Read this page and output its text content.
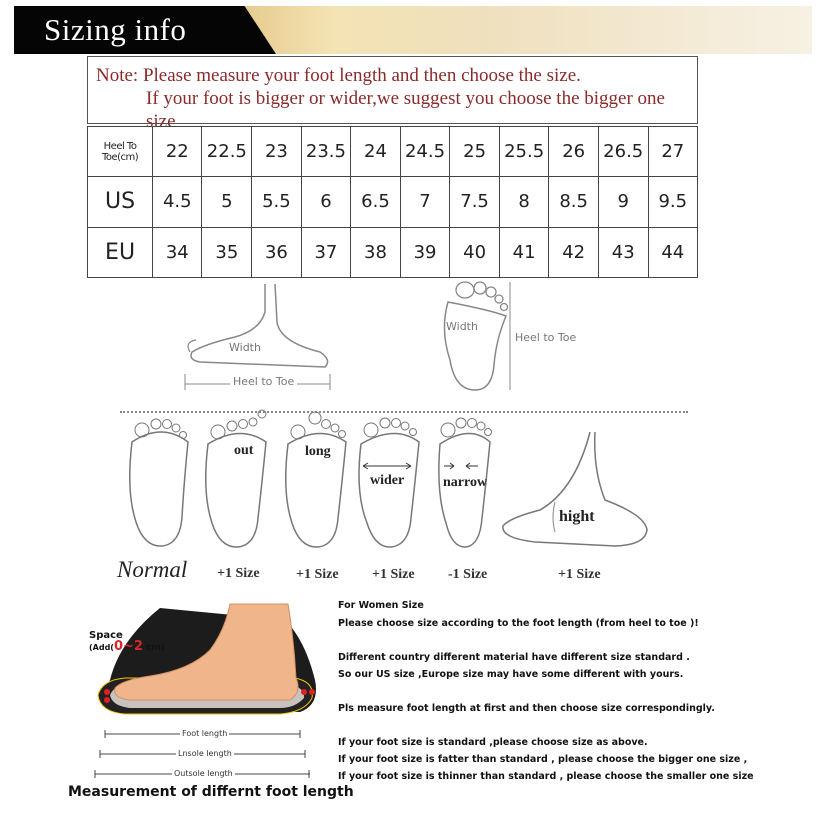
Sizing info
Note: Please measure your foot length and then choose the size.
If your foot is bigger or wider,we suggest you choose the bigger one size
Heel To Toe(cm)	22	22.5	23	23.5	24	24.5	25	25.5	26	26.5	27
US	4.5	5	5.5	6	6.5	7	7.5	8	8.5	9	9.5
EU	34	35	36	37	38	39	40	41	42	43	44
Width
Heel to Toe
Width
Heel to Toe
out	long
wider	narrow
hight
Normal +1 Size	+1 Size +1 Size -1 Size	+1 Size
Space
(Add(0~2 cm)
Foot length
Lnsole length
Outsole length
Measurement of differnt foot length
For Women Size
Please choose size according to the foot length (from heel to toe )!
Different country different material have different size standard .
So our US size ,Europe size may have some different with yours.
Pls measure foot length at first and then choose size correspondingly.
If your foot size is standard ,please choose size as above.
If your foot size is fatter than standard , please choose the bigger one size ,
If your foot size is thinner than standard , please choose the smaller one size
